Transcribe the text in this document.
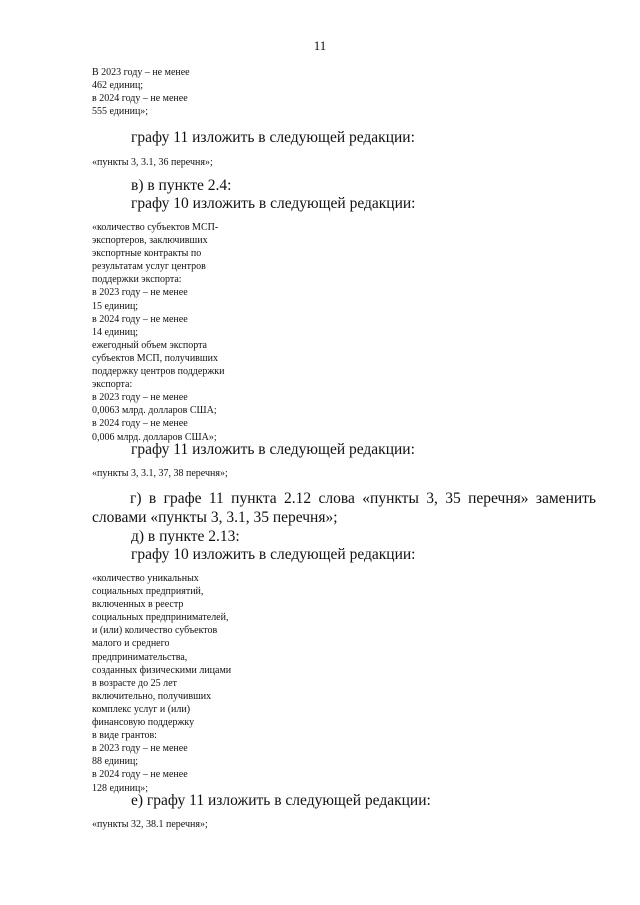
11
В 2023 году – не менее
462 единиц;
в 2024 году – не менее
555 единиц»;
графу 11 изложить в следующей редакции:
«пункты 3, 3.1, 36 перечня»;
в) в пункте 2.4:
графу 10 изложить в следующей редакции:
«количество субъектов МСП-
экспортеров, заключивших
экспортные контракты по
результатам услуг центров
поддержки экспорта:
в 2023 году – не менее
15 единиц;
в 2024 году – не менее
14 единиц;
ежегодный объем экспорта
субъектов МСП, получивших
поддержку центров поддержки
экспорта:
в 2023 году – не менее
0,0063 млрд. долларов США;
в 2024 году – не менее
0,006 млрд. долларов США»;
графу 11 изложить в следующей редакции:
«пункты 3, 3.1, 37, 38 перечня»;
г) в графе 11 пункта 2.12 слова «пункты 3, 35 перечня» заменить словами «пункты 3, 3.1, 35 перечня»;
д) в пункте 2.13:
графу 10 изложить в следующей редакции:
«количество уникальных
социальных предприятий,
включенных в реестр
социальных предпринимателей,
и (или) количество субъектов
малого и среднего
предпринимательства,
созданных физическими лицами
в возрасте до 25 лет
включительно, получивших
комплекс услуг и (или)
финансовую поддержку
в виде грантов:
в 2023 году – не менее
88 единиц;
в 2024 году – не менее
128 единиц»;
е) графу 11 изложить в следующей редакции:
«пункты 32, 38.1 перечня»;
